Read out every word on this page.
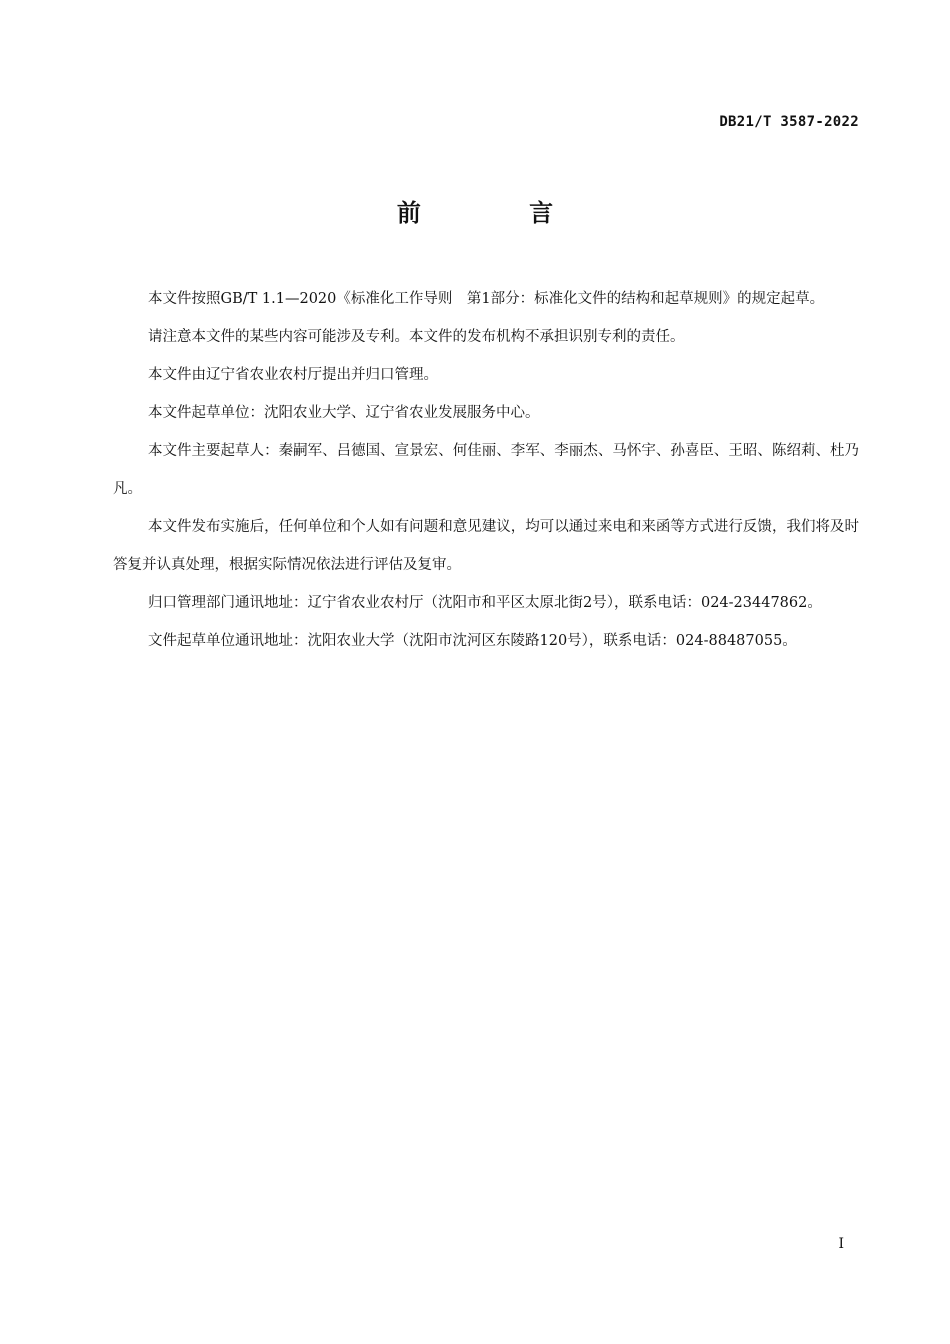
DB21/T 3587-2022
前 言

本文件按照GB/T 1.1—2020《标准化工作导则　第1部分：标准化文件的结构和起草规则》的规定起草。

请注意本文件的某些内容可能涉及专利。本文件的发布机构不承担识别专利的责任。

本文件由辽宁省农业农村厅提出并归口管理。

本文件起草单位：沈阳农业大学、辽宁省农业发展服务中心。

本文件主要起草人：秦嗣军、吕德国、宣景宏、何佳丽、李军、李丽杰、马怀宇、孙喜臣、王昭、陈绍莉、杜乃凡。

本文件发布实施后，任何单位和个人如有问题和意见建议，均可以通过来电和来函等方式进行反馈，我们将及时答复并认真处理，根据实际情况依法进行评估及复审。

归口管理部门通讯地址：辽宁省农业农村厅（沈阳市和平区太原北街2号），联系电话：024-23447862。

文件起草单位通讯地址：沈阳农业大学（沈阳市沈河区东陵路120号），联系电话：024-88487055。

I
